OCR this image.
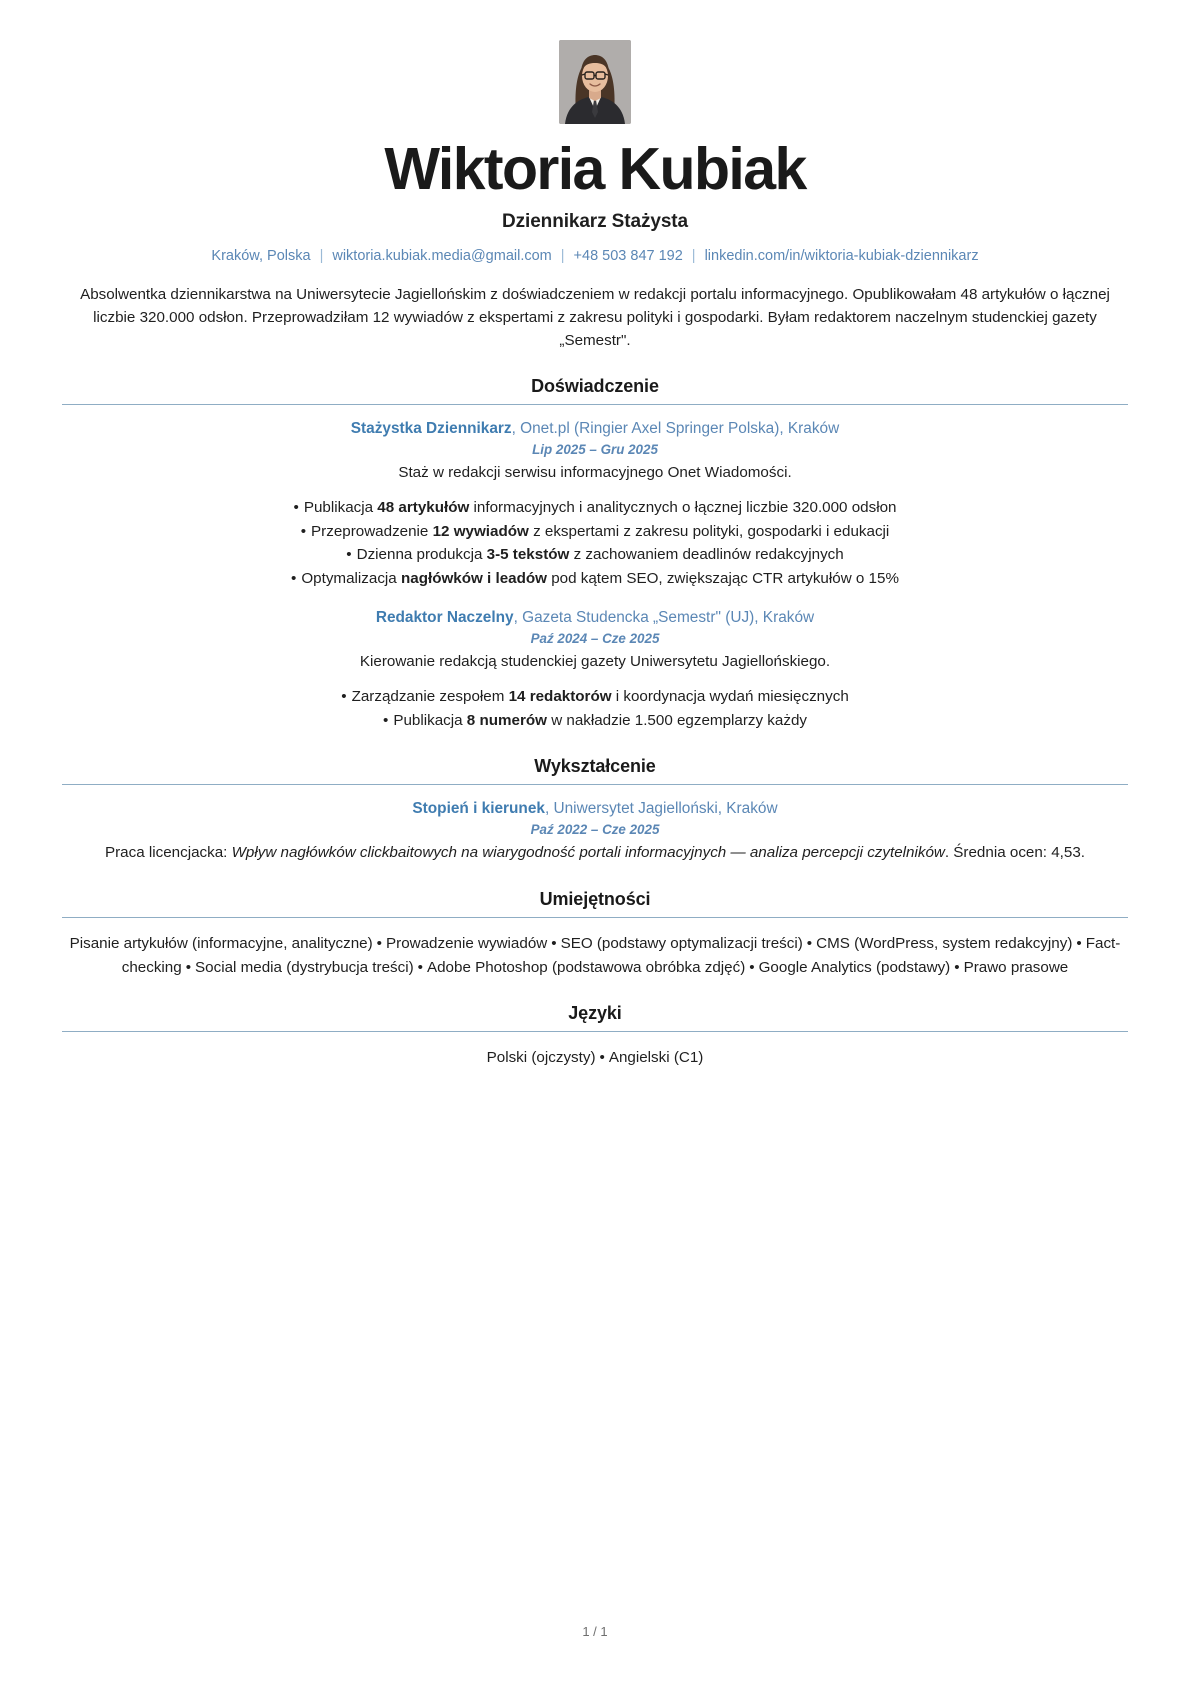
Wiktoria Kubiak
Dziennikarz Stażysta
Kraków, Polska | wiktoria.kubiak.media@gmail.com | +48 503 847 192 | linkedin.com/in/wiktoria-kubiak-dziennikarz

Absolwentka dziennikarstwa na Uniwersytecie Jagiellońskim z doświadczeniem w redakcji portalu informacyjnego. Opublikowałam 48 artykułów o łącznej liczbie 320.000 odsłon. Przeprowadziłam 12 wywiadów z ekspertami z zakresu polityki i gospodarki. Byłam redaktorem naczelnym studenckiej gazety „Semestr".

Doświadczenie
Stażystka Dziennikarz, Onet.pl (Ringier Axel Springer Polska), Kraków
Lip 2025 – Gru 2025
Staż w redakcji serwisu informacyjnego Onet Wiadomości.
• Publikacja 48 artykułów informacyjnych i analitycznych o łącznej liczbie 320.000 odsłon
• Przeprowadzenie 12 wywiadów z ekspertami z zakresu polityki, gospodarki i edukacji
• Dzienna produkcja 3-5 tekstów z zachowaniem deadlinów redakcyjnych
• Optymalizacja nagłówków i leadów pod kątem SEO, zwiększając CTR artykułów o 15%
Redaktor Naczelny, Gazeta Studencka „Semestr" (UJ), Kraków
Paź 2024 – Cze 2025
Kierowanie redakcją studenckiej gazety Uniwersytetu Jagiellońskiego.
• Zarządzanie zespołem 14 redaktorów i koordynacja wydań miesięcznych
• Publikacja 8 numerów w nakładzie 1.500 egzemplarzy każdy
Wykształcenie
Stopień i kierunek, Uniwersytet Jagielloński, Kraków
Paź 2022 – Cze 2025
Praca licencjacka: Wpływ nagłówków clickbaitowych na wiarygodność portali informacyjnych — analiza percepcji czytelników. Średnia ocen: 4,53.
Umiejętności
Pisanie artykułów (informacyjne, analityczne) • Prowadzenie wywiadów • SEO (podstawy optymalizacji treści) • CMS (WordPress, system redakcyjny) • Fact-checking • Social media (dystrybucja treści) • Adobe Photoshop (podstawowa obróbka zdjęć) • Google Analytics (podstawy) • Prawo prasowe
Języki
Polski (ojczysty) • Angielski (C1)
1 / 1
